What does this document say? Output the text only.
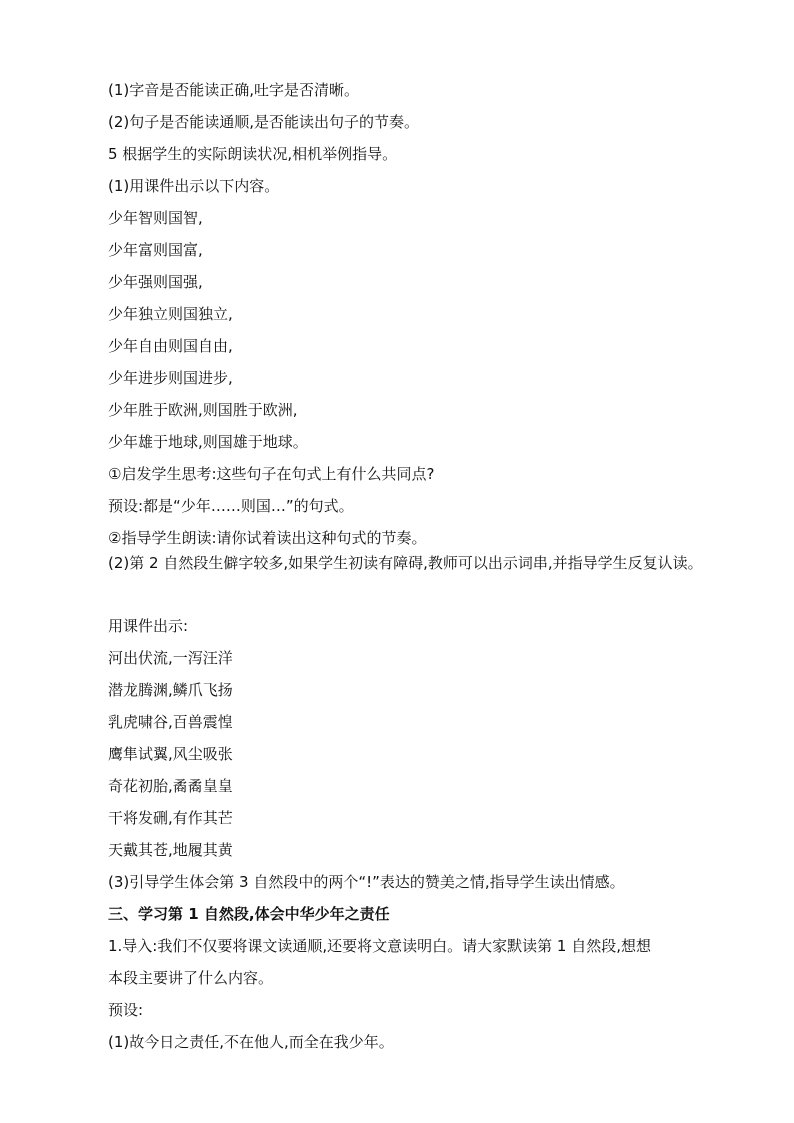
(1)字音是否能读正确,吐字是否清晰。
(2)句子是否能读通顺,是否能读出句子的节奏。
5 根据学生的实际朗读状况,相机举例指导。
(1)用课件出示以下内容。
少年智则国智,
少年富则国富,
少年强则国强,
少年独立则国独立,
少年自由则国自由,
少年进步则国进步,
少年胜于欧洲,则国胜于欧洲,
少年雄于地球,则国雄于地球。
①启发学生思考:这些句子在句式上有什么共同点?
预设:都是“少年……则国…”的句式。
②指导学生朗读:请你试着读出这种句式的节奏。
(2)第 2 自然段生僻字较多,如果学生初读有障碍,教师可以出示词串,并指导学生反复认读。
用课件出示:
河出伏流,一泻汪洋
潜龙腾渊,鳞爪飞扬
乳虎啸谷,百兽震惶
鹰隼试翼,风尘吸张
奇花初胎,矞矞皇皇
干将发硎,有作其芒
天戴其苍,地履其黄
(3)引导学生体会第 3 自然段中的两个“!”表达的赞美之情,指导学生读出情感。
三、学习第 1 自然段,体会中华少年之责任
1.导入:我们不仅要将课文读通顺,还要将文意读明白。请大家默读第 1 自然段,想想
本段主要讲了什么内容。
预设:
(1)故今日之责任,不在他人,而全在我少年。
